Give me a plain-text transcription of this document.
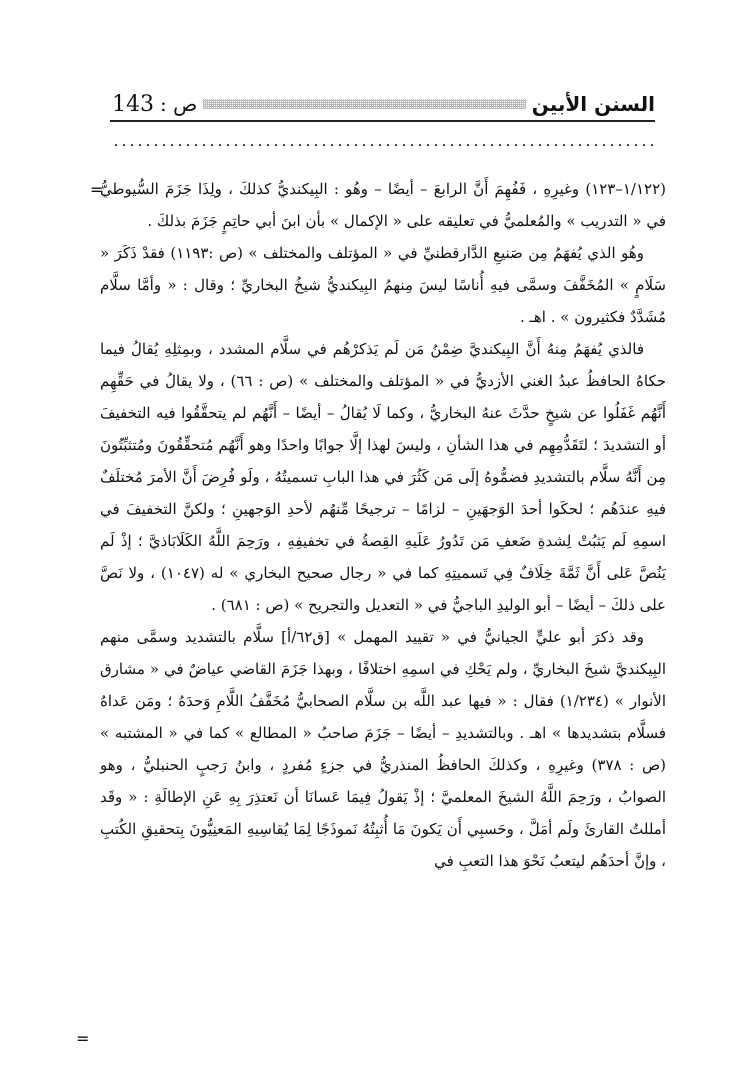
السنن الأبين
ص :
143
=

(١/١٢٢–١٢٣) وغيرِهِ ، فَفُهِمَ أَنَّ الرابعَ – أيضًا – وهُو : البِيكنديُّ كذلكَ ، ولِذَا جَزَمَ السُّيوطيُّ في « التدريب » والمُعلميُّ في تعليقه على « الإكمال » بأن ابنَ أبي حاتِمٍ جَزَمَ بذلكَ .

وهُو الذي يُفهَمُ مِن صَنيعِ الدَّارقطنيِّ في « المؤتلف والمختلف » (ص :١١٩٣) فقدْ ذَكَرَ « سَلَامٍ » المُخَفَّفَ وسمَّى فيهِ أُناسًا ليسَ مِنهمُ البِيكنديُّ شيخُ البخاريِّ ؛ وقال : « وأمَّا سلَّام مُشَدَّدٌ فكثيرون » . اهـ .

فالذي يُفهَمُ مِنهُ أَنَّ البِيكنديَّ ضِمْنُ مَن لَم يَذكرْهُم في سلَّام المشدد ، وبمِثلِهِ يُقالُ فيما حكاهُ الحافظُ عبدُ الغني الأزديُّ في « المؤتلف والمختلف » (ص : ٦٦) ، ولا يقالُ في حَقِّهِم أَنَّهُم غَفَلُوا عن شيخٍ حدَّثَ عنهُ البخاريُّ ، وكما لَا يُقالُ – أيضًا – أَنَّهُم لم يتحقَّقُوا فيه التخفيفَ أو التشديدَ ؛ لتَقَدُّمِهِم في هذا الشأنِ ، وليسَ لهذا إلَّا جوابًا واحدًا وهو أَنَّهُم مُتحقِّقُونَ ومُتثبِّتُونَ مِن أَنَّهُ سلَّام بالتشديدِ فضمُّوهُ إلَى مَن كَثُرَ في هذا البابِ تسميتُهُ ، ولَو فُرِضَ أَنَّ الأمرَ مُختلَفٌ فيهِ عندَهُم ؛ لحكَوا أحدَ الوَجهَينِ – لزامًا – ترجيحًا مِّنهُم لأحدِ الوَجهينِ ؛ ولكنَّ التخفيفَ في اسمِهِ لَم يَثبُتْ لِشدةِ ضَعفِ مَن تَدُورُ عَلَيهِ القِصةُ في تخفيفِهِ ، ورَحِمَ اللَّهُ الكَلَابَاذيَّ ؛ إذْ لَم يَنُصَّ عَلى أَنَّ ثَمَّةَ خِلَافٌ فِي تَسميتِهِ كما في « رجال صحيح البخاري » له (١٠٤٧) ، ولا نَصَّ على ذلكَ – أيضًا – أبو الوليدِ الباجيُّ في « التعديل والتجريح » (ص : ٦٨١) .

وقد ذكرَ أبو عليٍّ الجيانيُّ في « تقييد المهمل » [ق٦٢/أ] سلَّام بالتشديد وسمَّى منهم البِيكنديَّ شيخَ البخاريِّ ، ولم يَحْكِ في اسمِهِ اختلافًا ، وبهذا جَزَمَ القاضي عياضٌ في « مشارق الأنوار » (١/٢٣٤) فقال : « فيها عبد اللَّه بن سلَّام الصحابيُّ مُخَفَّفُ اللَّامِ وَحدَهُ ؛ ومَن عَداهُ فسلَّام بتشديدها » اهـ . وبالتشديدِ – أيضًا – جَزَمَ صاحبُ « المطالع » كما في « المشتبه » (ص : ٣٧٨) وغيرِهِ ، وكذلكَ الحافظُ المنذريُّ في جزءٍ مُفردٍ ، وابنُ رَجبٍ الحنبليُّ ، وهو الصوابُ ، ورَحِمَ اللَّهُ الشيخَ المعلميَّ ؛ إذْ يَقولُ فِيمَا عَسانَا أن نَعتذِرَ بِهِ عَنِ الإطالَةِ : « وقَد أمللتُ القارئَ ولَم أمَلَّ ، وحَسبِي أَن يَكونَ مَا أُثبِتُهُ نَموذَجًا لِمَا يُقاسِيهِ المَعنِيُّونَ بِتحقيقِ الكُتبِ ، وإنَّ أحدَهُم ليتعبُ نَحْوَ هذا التعبِ في

=
